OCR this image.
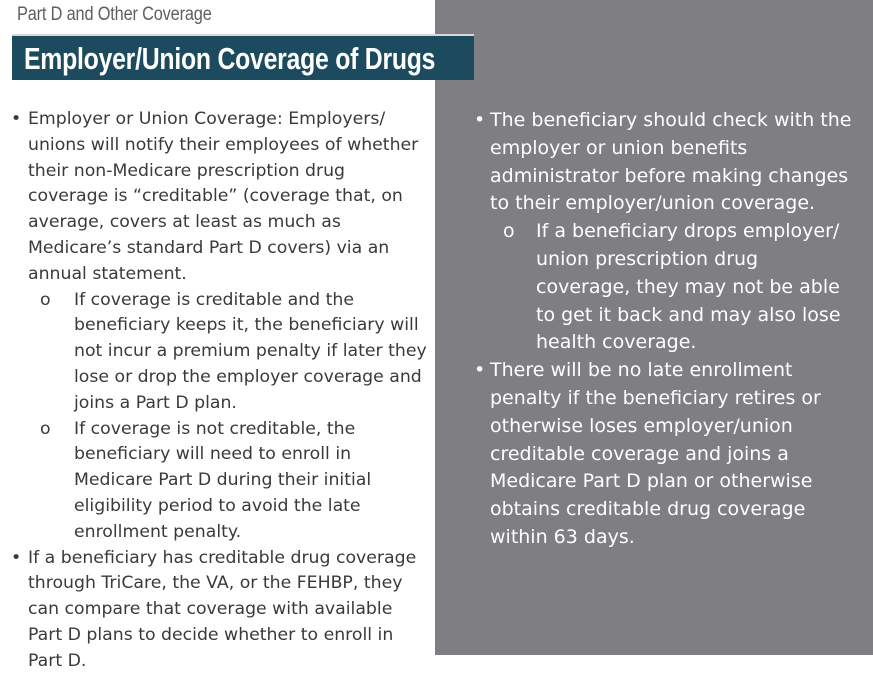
Part D and Other Coverage
Employer/Union Coverage of Drugs
• Employer or Union Coverage: Employers/ unions will notify their employees of whether their non-Medicare prescription drug coverage is “creditable” (coverage that, on average, covers at least as much as Medicare’s standard Part D covers) via an annual statement.
o If coverage is creditable and the beneficiary keeps it, the beneficiary will not incur a premium penalty if later they lose or drop the employer coverage and joins a Part D plan.
o If coverage is not creditable, the beneficiary will need to enroll in Medicare Part D during their initial eligibility period to avoid the late enrollment penalty.
• If a beneficiary has creditable drug coverage through TriCare, the VA, or the FEHBP, they can compare that coverage with available Part D plans to decide whether to enroll in Part D.
• The beneficiary should check with the employer or union benefits administrator before making changes to their employer/union coverage.
o If a beneficiary drops employer/ union prescription drug coverage, they may not be able to get it back and may also lose health coverage.
• There will be no late enrollment penalty if the beneficiary retires or otherwise loses employer/union creditable coverage and joins a Medicare Part D plan or otherwise obtains creditable drug coverage within 63 days.
